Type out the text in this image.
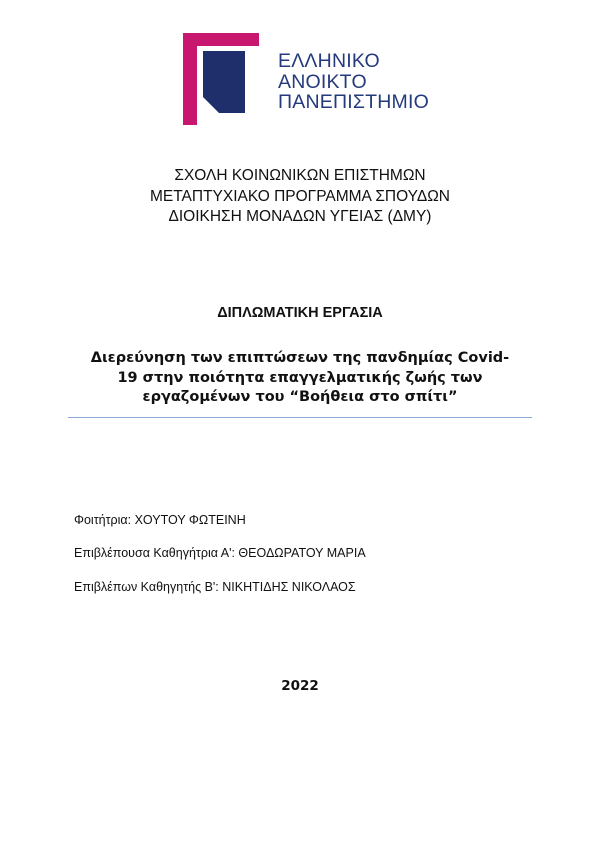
ΕΛΛΗΝΙΚΟ
ΑΝΟΙΚΤΟ
ΠΑΝΕΠΙΣΤΗΜΙΟ
ΣΧΟΛΗ ΚΟΙΝΩΝΙΚΩΝ ΕΠΙΣΤΗΜΩΝ
ΜΕΤΑΠΤΥΧΙΑΚΟ ΠΡΟΓΡΑΜΜΑ ΣΠΟΥΔΩΝ
ΔΙΟΙΚΗΣΗ ΜΟΝΑΔΩΝ ΥΓΕΙΑΣ (ΔΜΥ)
ΔΙΠΛΩΜΑΤΙΚΗ ΕΡΓΑΣΙΑ
Διερεύνηση των επιπτώσεων της πανδημίας Covid-
19 στην ποιότητα επαγγελματικής ζωής των
εργαζομένων του “Βοήθεια στο σπίτι”
Φοιτήτρια: ΧΟΥΤΟΥ ΦΩΤΕΙΝΗ
Επιβλέπουσα Καθηγήτρια Α': ΘΕΟΔΩΡΑΤΟΥ ΜΑΡΙΑ
Επιβλέπων Καθηγητής Β': ΝΙΚΗΤΙΔΗΣ ΝΙΚΟΛΑΟΣ
2022
